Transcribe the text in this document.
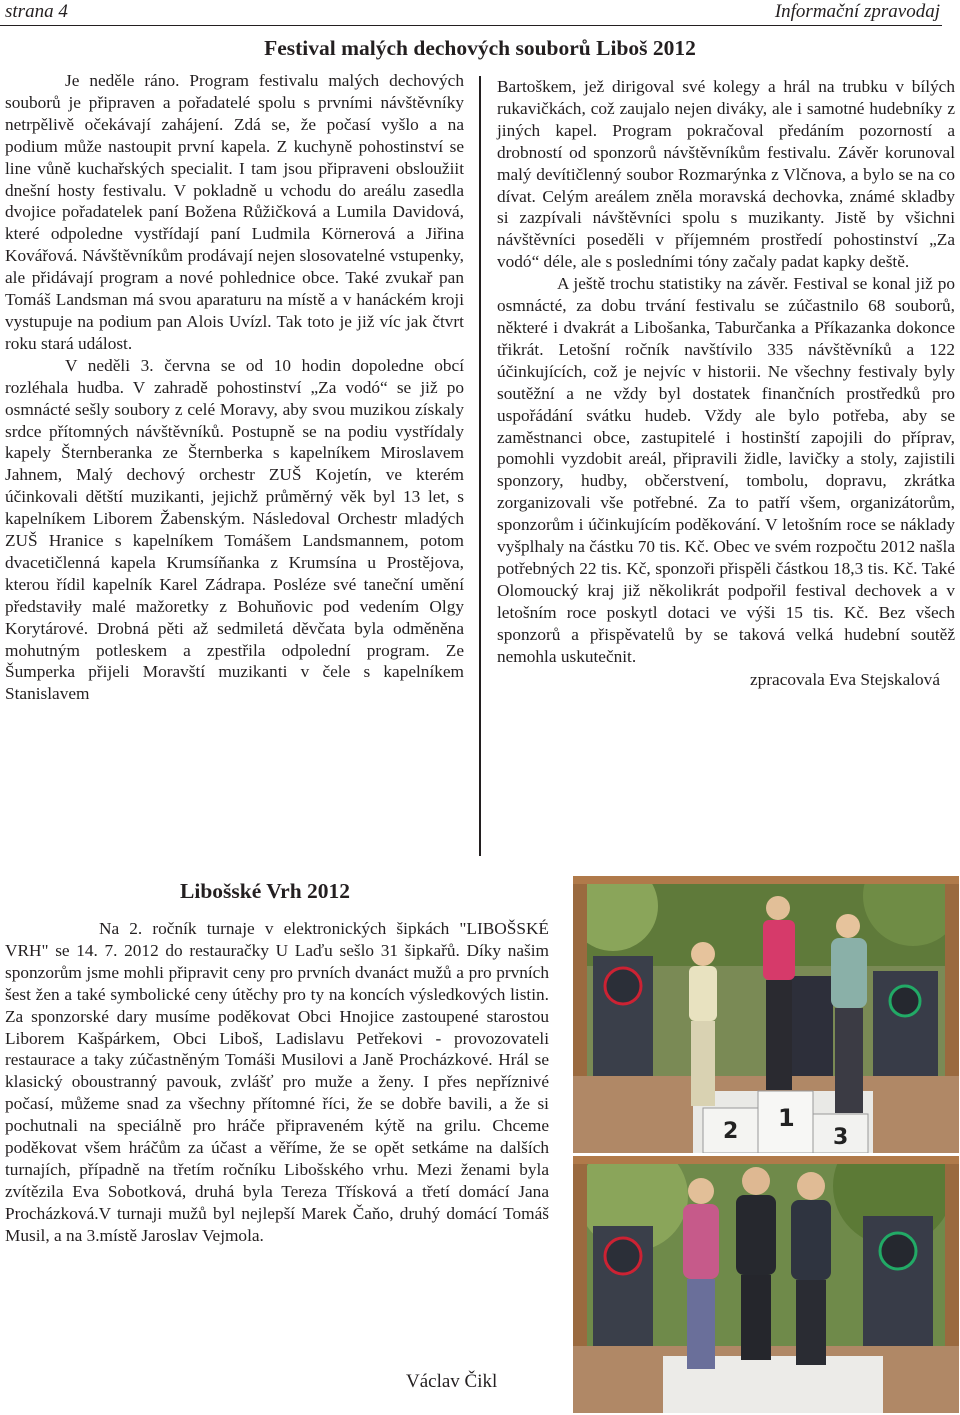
strana 4	Informační zpravodaj
Festival malých dechových souborů Liboš 2012

Je neděle ráno. Program festivalu malých dechových souborů je připraven a pořadatelé spolu s prvními návštěvníky netrpělivě očekávají zahájení. Zdá se, že počasí vyšlo a na podium může nastoupit první kapela. Z kuchyně pohostinství se line vůně kuchařských specialit. I tam jsou připraveni obsloužiit dnešní hosty festivalu. V pokladně u vchodu do areálu zasedla dvojice pořadatelek paní Božena Růžičková a Lumila Davidová, které odpoledne vystřídají paní Ludmila Körnerová a Jiřina Kovářová. Návštěvníkům prodávají nejen slosovatelné vstupenky, ale přidávají program a nové pohlednice obce. Také zvukař pan Tomáš Landsman má svou aparaturu na místě a v hanáckém kroji vystupuje na podium pan Alois Uvízl. Tak toto je již víc jak čtvrt roku stará událost.

V neděli 3. června se od 10 hodin dopoledne obcí rozléhala hudba. V zahradě pohostinství „Za vodó“ se již po osmnácté sešly soubory z celé Moravy, aby svou muzikou získaly srdce přítomných návštěvníků. Postupně se na podiu vystřídaly kapely Šternberanka ze Šternberka s kapelníkem Miroslavem Jahnem, Malý dechový orchestr ZUŠ Kojetín, ve kterém účinkovali dětští muzikanti, jejichž průměrný věk byl 13 let, s kapelníkem Liborem Žabenským. Následoval Orchestr mladých ZUŠ Hranice s kapelníkem Tomášem Landsmannem, potom dvacetičlenná kapela Krumsíňanka z Krumsína u Prostějova, kterou řídil kapelník Karel Zádrapa. Posléze své taneční umění představiły malé mažoretky z Bohuňovic pod vedením Olgy Korytárové. Drobná pěti až sedmiletá děvčata byla odměněna mohutným potleskem a zpestřila odpolední program. Ze Šumperka přijeli Moravští muzikanti v čele s kapelníkem Stanislavem

Bartoškem, jež dirigoval své kolegy a hrál na trubku v bílých rukavičkách, což zaujalo nejen diváky, ale i samotné hudebníky z jiných kapel. Program pokračoval předáním pozorností a drobností od sponzorů návštěvníkům festivalu. Závěr korunoval malý devítičlenný soubor Rozmarýnka z Vlčnova, a bylo se na co dívat. Celým areálem zněla moravská dechovka, známé skladby si zazpívali návštěvníci spolu s muzikanty. Jistě by všichni návštěvníci poseděli v příjemném prostředí pohostinství „Za vodó“ déle, ale s posledními tóny začaly padat kapky deště.

A ještě trochu statistiky na závěr. Festival se konal již po osmnácté, za dobu trvání festivalu se zúčastnilo 68 souborů, některé i dvakrát a Libošanka, Taburčanka a Příkazanka dokonce třikrát. Letošní ročník navštívilo 335 návštěvníků a 122 účinkujících, což je nejvíc v historii. Ne všechny festivaly byly soutěžní a ne vždy byl dostatek finančních prostředků pro uspořádání svátku hudeb. Vždy ale bylo potřeba, aby se zaměstnanci obce, zastupitelé i hostinští zapojili do příprav, pomohli vyzdobit areál, připravili židle, lavičky a stoly, zajistili sponzory, hudby, občerstvení, tombolu, dopravu, zkrátka zorganizovali vše potřebné. Za to patří všem, organizátorům, sponzorům i účinkujícím poděkování. V letošním roce se náklady vyšplhaly na částku 70 tis. Kč. Obec ve svém rozpočtu 2012 našla potřebných 22 tis. Kč, sponzoři přispěli částkou 18,3 tis. Kč. Také Olomoucký kraj již několikrát podpořil festival dechovek a v letošním roce poskytl dotaci ve výši 15 tis. Kč. Bez všech sponzorů a přispěvatelů by se taková velká hudební soutěž nemohla uskutečnit.

zpracovala Eva Stejskalová

Libošské Vrh 2012

Na 2. ročník turnaje v elektronických šipkách "LIBOŠSKÉ VRH" se 14. 7. 2012 do restauračky U Laďu sešlo 31 šipkařů. Díky našim sponzorům jsme mohli připravit ceny pro prvních dvanáct mužů a pro prvních šest žen a také symbolické ceny útěchy pro ty na koncích výsledkových listin. Za sponzorské dary musíme poděkovat Obci Hnojice zastoupené starostou Liborem Kašpárkem, Obci Liboš, Ladislavu Petřekovi - provozovateli restaurace a taky zúčastněným Tomáši Musilovi a Janě Procházkové. Hrál se klasický oboustranný pavouk, zvlášť pro muže a ženy. I přes nepříznivé počasí, můžeme snad za všechny přítomné říci, že se dobře bavili, a že si pochutnali na speciálně pro hráče připraveném kýtě na grilu. Chceme poděkovat všem hráčům za účast a věříme, že se opět setkáme na dalších turnajích, případně na třetím ročníku Libošského vrhu. Mezi ženami byla zvítězila Eva Sobotková, druhá byla Tereza Třísková a třetí domácí Jana Procházková.V turnaji mužů byl nejlepší Marek Čaňo, druhý domácí Tomáš Musil, a na 3.místě Jaroslav Vejmola.

Václav Čikl
2 1
3
